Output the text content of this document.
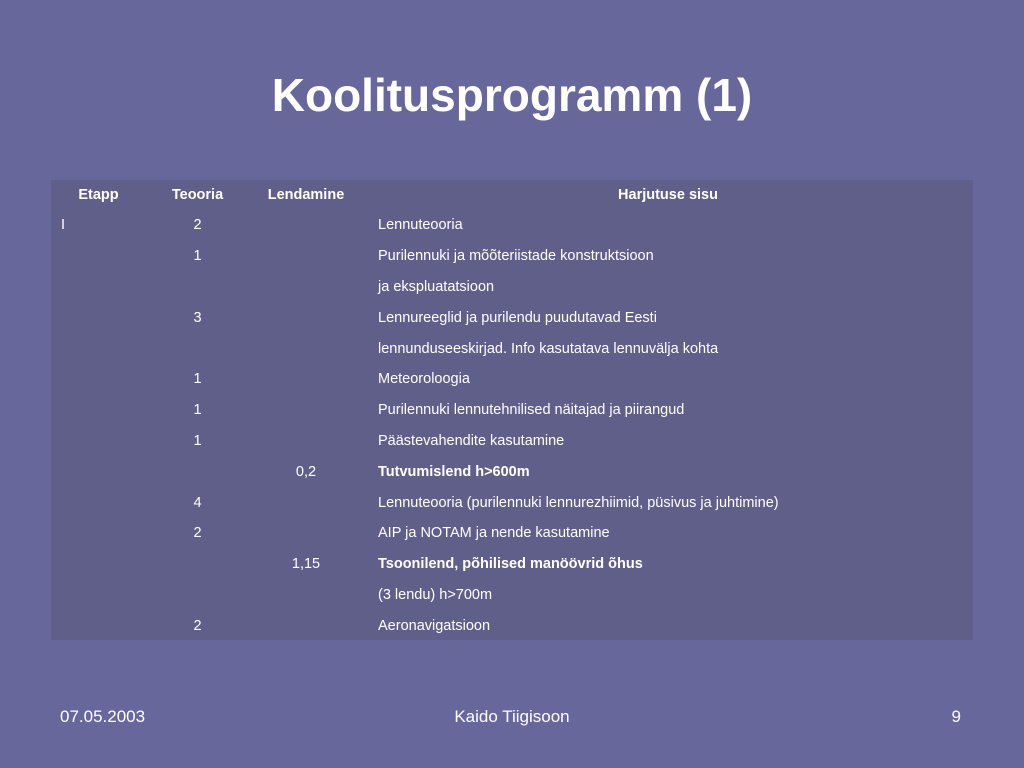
Koolitusprogramm (1)
Etapp	Teooria	Lendamine	Harjutuse sisu
I	2		Lennuteooria
	1		Purilennuki ja mõõteriistade konstruktsioon
			ja ekspluatatsioon
	3		Lennureeglid ja purilendu puudutavad Eesti
			lennunduseeskirjad. Info kasutatava lennuvälja kohta
	1		Meteoroloogia
	1		Purilennuki lennutehnilised näitajad ja piirangud
	1		Päästevahendite kasutamine
		0,2	Tutvumislend h>600m
	4		Lennuteooria (purilennuki lennurezhiimid, püsivus ja juhtimine)
	2		AIP ja NOTAM ja nende kasutamine
		1,15	Tsoonilend, põhilised manöövrid õhus
			(3 lendu) h>700m
	2		Aeronavigatsioon
07.05.2003	Kaido Tiigisoon	9
